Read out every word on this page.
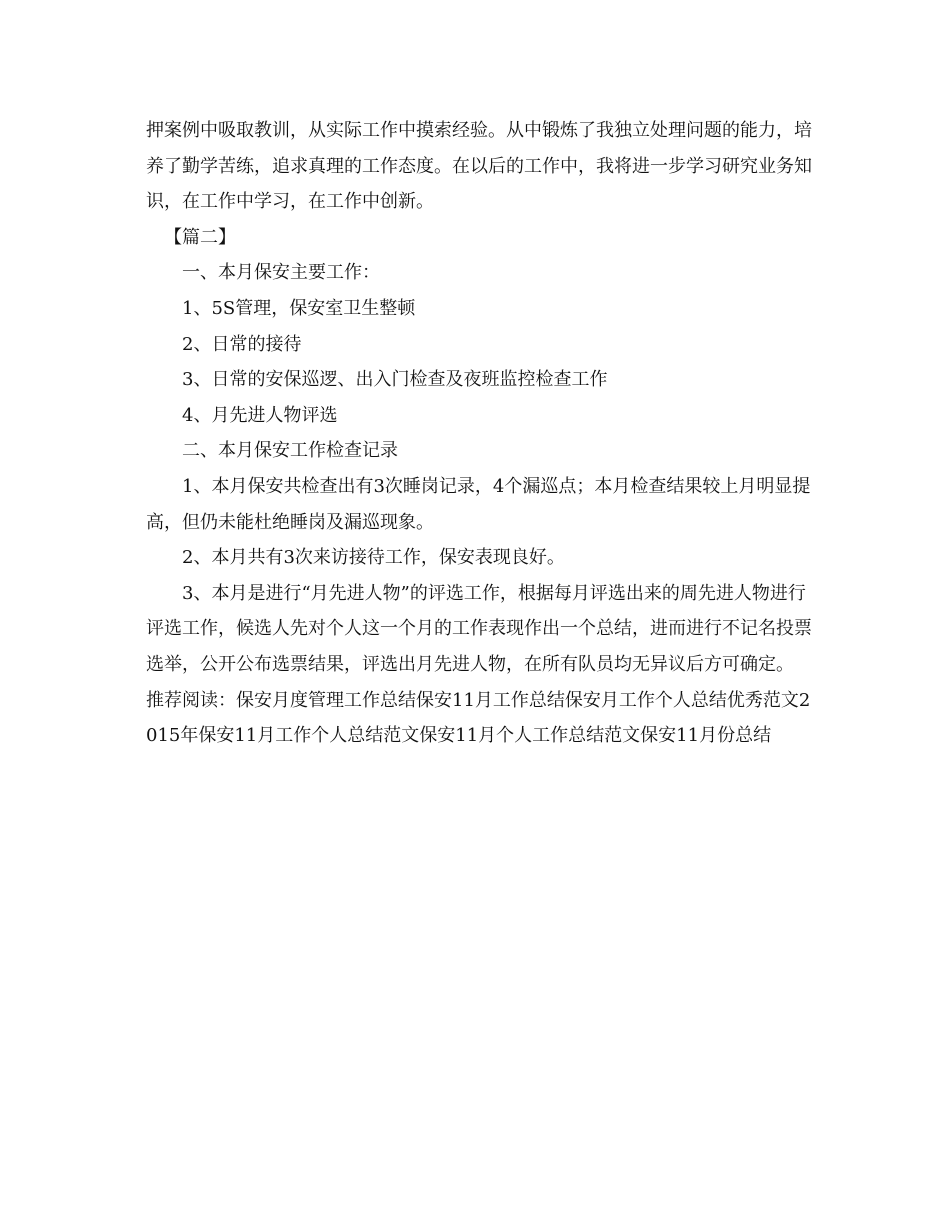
押案例中吸取教训，从实际工作中摸索经验。从中锻炼了我独立处理问题的能力，培养了勤学苦练，追求真理的工作态度。在以后的工作中，我将进一步学习研究业务知识，在工作中学习，在工作中创新。

【篇二】

一、本月保安主要工作：

1、5S管理，保安室卫生整顿

2、日常的接待

3、日常的安保巡逻、出入门检查及夜班监控检查工作

4、月先进人物评选

二、本月保安工作检查记录

1、本月保安共检查出有3次睡岗记录，4个漏巡点；本月检查结果较上月明显提高，但仍未能杜绝睡岗及漏巡现象。

2、本月共有3次来访接待工作，保安表现良好。

3、本月是进行“月先进人物”的评选工作，根据每月评选出来的周先进人物进行评选工作，候选人先对个人这一个月的工作表现作出一个总结，进而进行不记名投票选举，公开公布选票结果，评选出月先进人物，在所有队员均无异议后方可确定。

推荐阅读：保安月度管理工作总结保安11月工作总结保安月工作个人总结优秀范文2015年保安11月工作个人总结范文保安11月个人工作总结范文保安11月份总结
